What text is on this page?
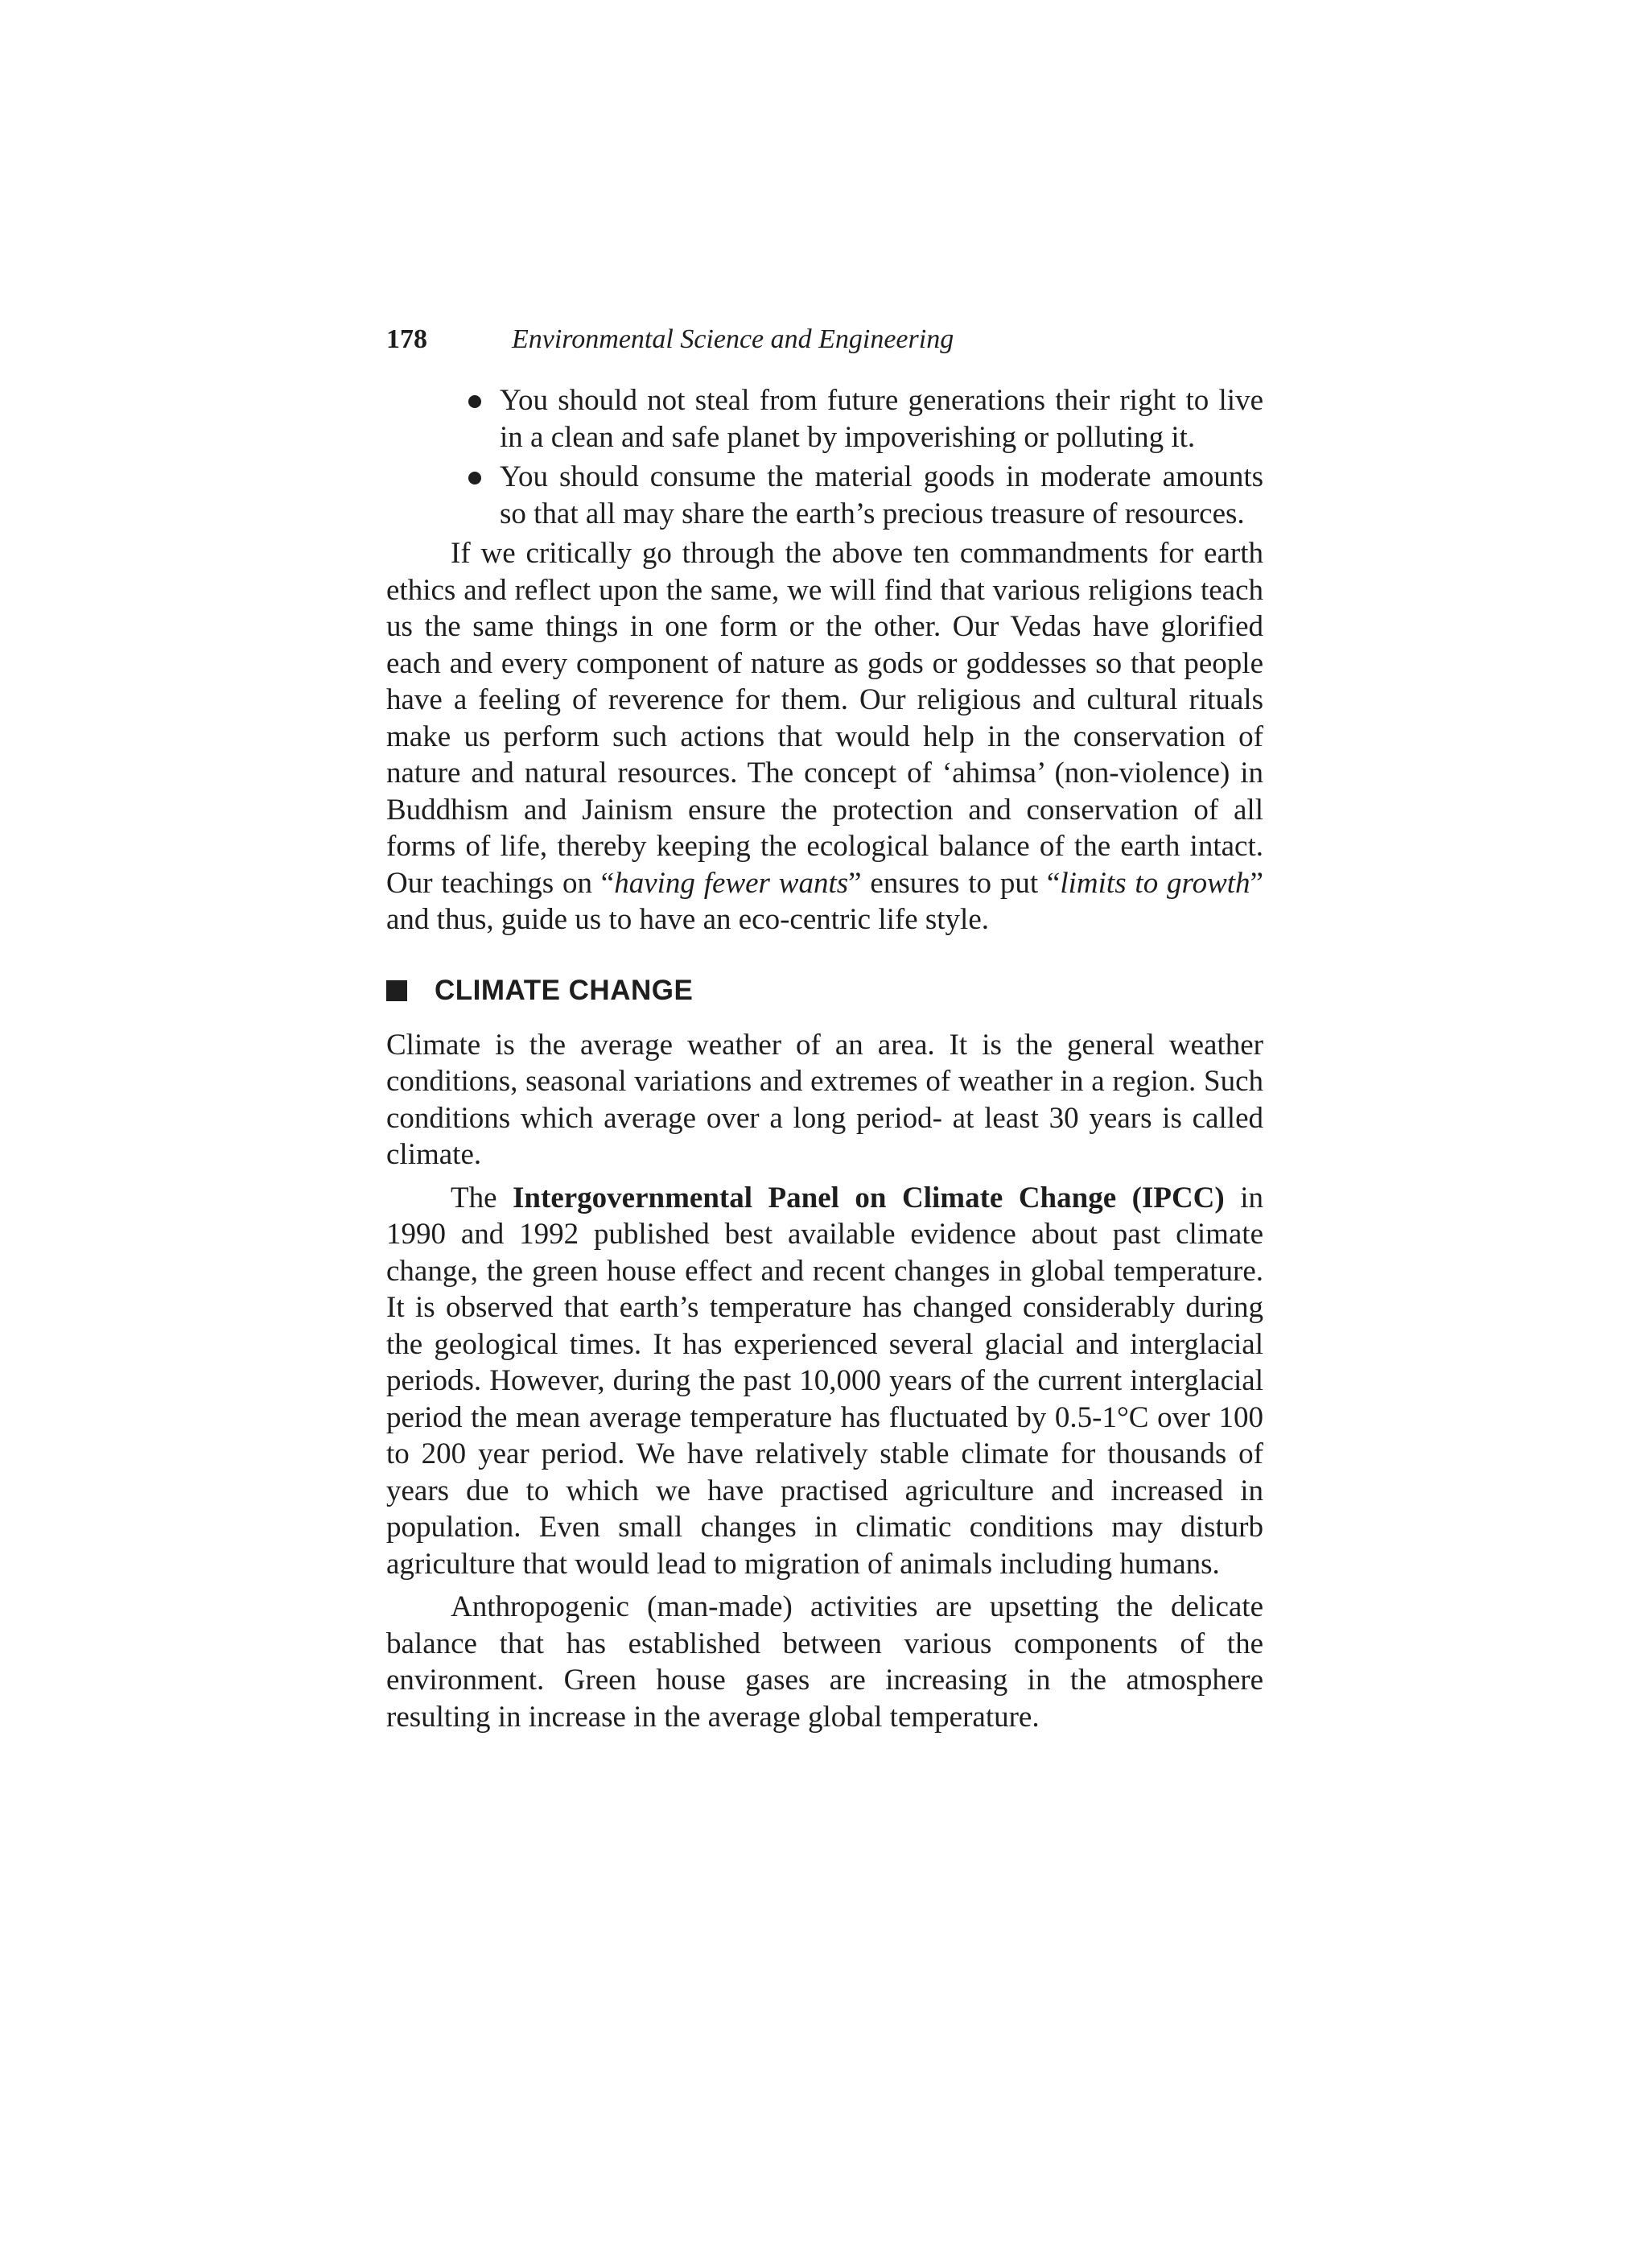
178	Environmental Science and Engineering
You should not steal from future generations their right to live in a clean and safe planet by impoverishing or polluting it.
You should consume the material goods in moderate amounts so that all may share the earth’s precious treasure of resources.

If we critically go through the above ten commandments for earth ethics and reflect upon the same, we will find that various religions teach us the same things in one form or the other. Our Vedas have glorified each and every component of nature as gods or goddesses so that people have a feeling of reverence for them. Our religious and cultural rituals make us perform such actions that would help in the conservation of nature and natural resources. The concept of ‘ahimsa’ (non-violence) in Buddhism and Jainism ensure the protection and conservation of all forms of life, thereby keeping the ecological balance of the earth intact. Our teachings on “having fewer wants” ensures to put “limits to growth” and thus, guide us to have an eco-centric life style.

CLIMATE CHANGE

Climate is the average weather of an area. It is the general weather conditions, seasonal variations and extremes of weather in a region. Such conditions which average over a long period- at least 30 years is called climate.

The Intergovernmental Panel on Climate Change (IPCC) in 1990 and 1992 published best available evidence about past climate change, the green house effect and recent changes in global temperature. It is observed that earth’s temperature has changed considerably during the geological times. It has experienced several glacial and interglacial periods. However, during the past 10,000 years of the current interglacial period the mean average temperature has fluctuated by 0.5-1°C over 100 to 200 year period. We have relatively stable climate for thousands of years due to which we have practised agriculture and increased in population. Even small changes in climatic conditions may disturb agriculture that would lead to migration of animals including humans.

Anthropogenic (man-made) activities are upsetting the delicate balance that has established between various components of the environment. Green house gases are increasing in the atmosphere resulting in increase in the average global temperature.
